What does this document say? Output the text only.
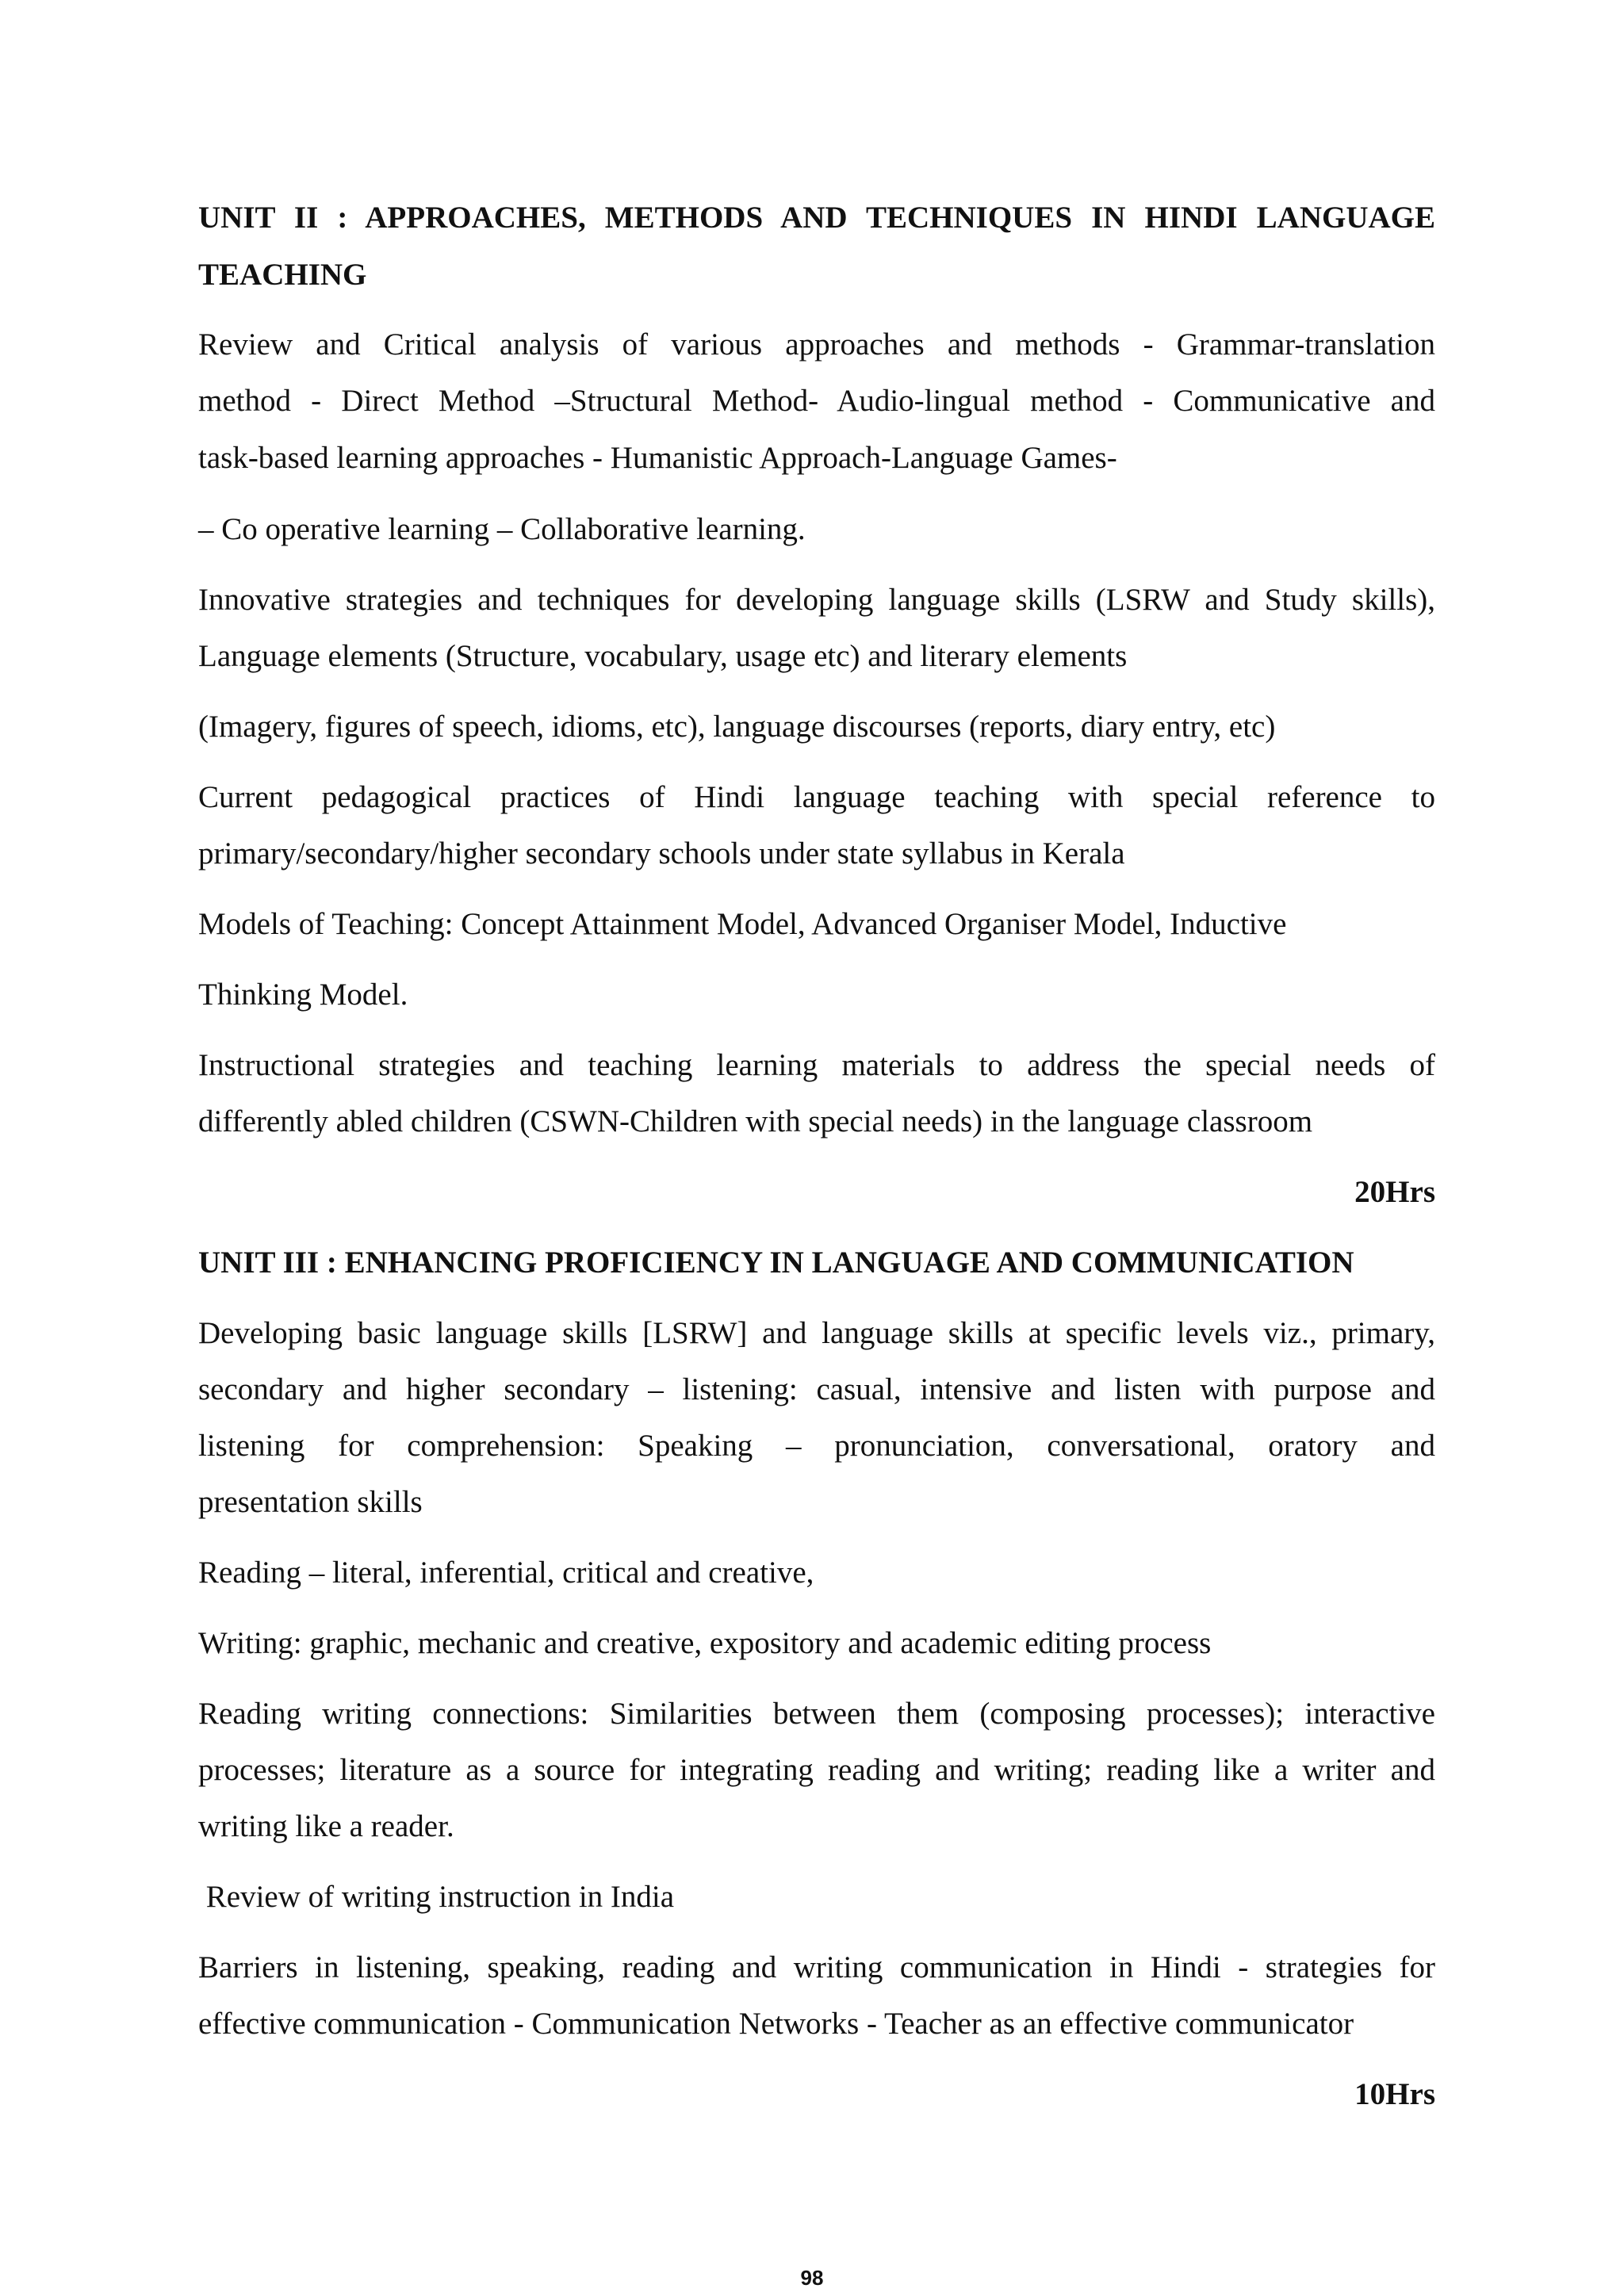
UNIT II : APPROACHES, METHODS AND TECHNIQUES IN HINDI LANGUAGE
TEACHING
Review and Critical analysis of various approaches and methods - Grammar-translation
method - Direct Method –Structural Method- Audio-lingual method - Communicative and
task-based learning approaches - Humanistic Approach-Language Games-
– Co operative learning – Collaborative learning.
Innovative strategies and techniques for developing language skills (LSRW and Study skills),
Language elements (Structure, vocabulary, usage etc) and literary elements
(Imagery, figures of speech, idioms, etc), language discourses (reports, diary entry, etc)
Current pedagogical practices of Hindi language teaching with special reference to
primary/secondary/higher secondary schools under state syllabus in Kerala
Models of Teaching: Concept Attainment Model, Advanced Organiser Model, Inductive
Thinking Model.
Instructional strategies and teaching learning materials to address the special needs of
differently abled children (CSWN-Children with special needs) in the language classroom
20Hrs
UNIT III : ENHANCING PROFICIENCY IN LANGUAGE AND COMMUNICATION
Developing basic language skills [LSRW] and language skills at specific levels viz., primary,
secondary and higher secondary – listening: casual, intensive and listen with purpose and
listening for comprehension: Speaking – pronunciation, conversational, oratory and
presentation skills
Reading – literal, inferential, critical and creative,
Writing: graphic, mechanic and creative, expository and academic editing process
Reading writing connections: Similarities between them (composing processes); interactive
processes; literature as a source for integrating reading and writing; reading like a writer and
writing like a reader.
Review of writing instruction in India
Barriers in listening, speaking, reading and writing communication in Hindi - strategies for
effective communication - Communication Networks - Teacher as an effective communicator
10Hrs
98
